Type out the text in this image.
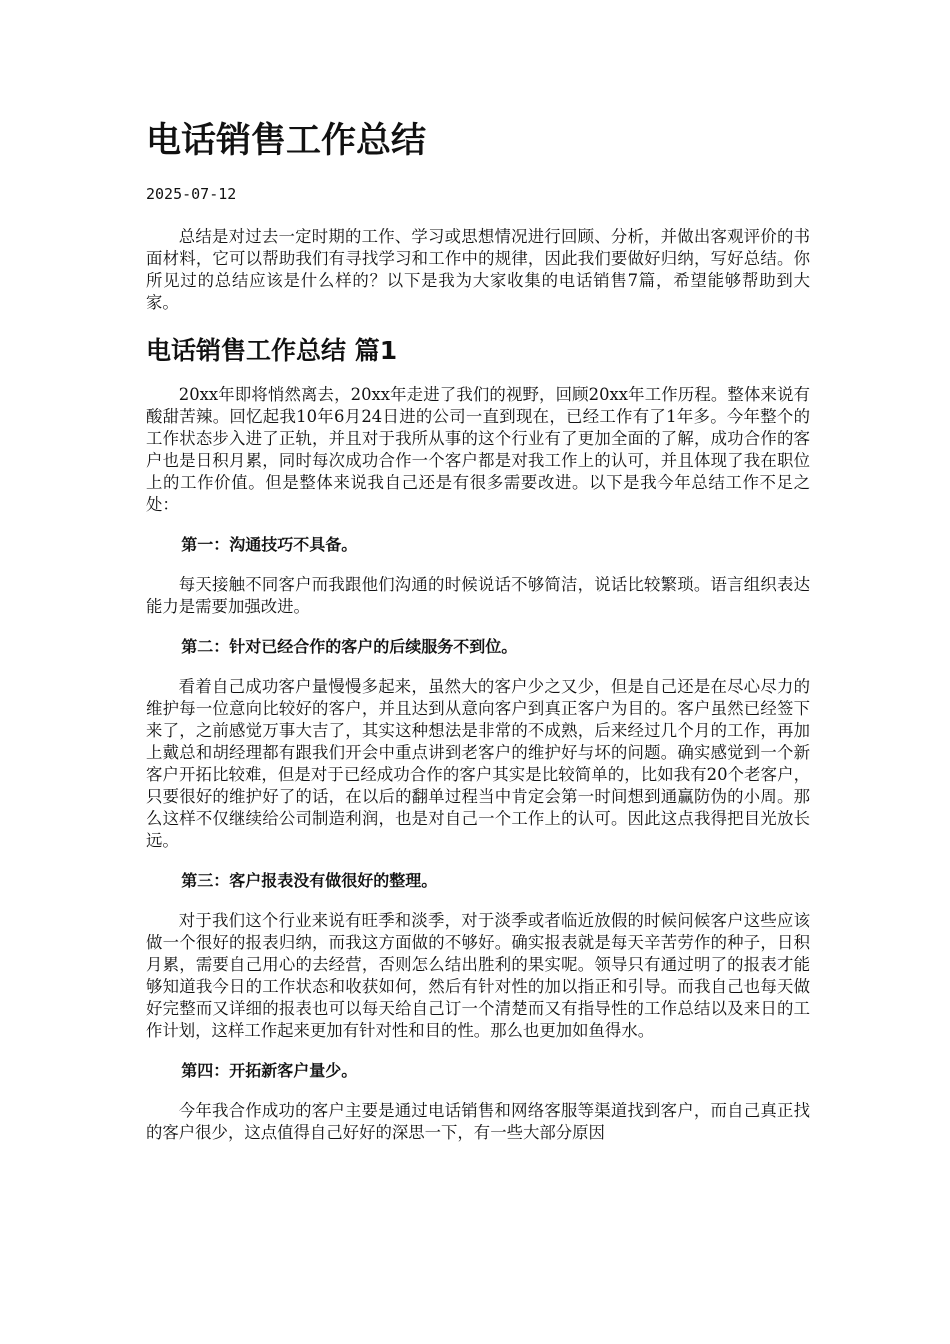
电话销售工作总结
2025-07-12

总结是对过去一定时期的工作、学习或思想情况进行回顾、分析，并做出客观评价的书面材料，它可以帮助我们有寻找学习和工作中的规律，因此我们要做好归纳，写好总结。你所见过的总结应该是什么样的？以下是我为大家收集的电话销售7篇，希望能够帮助到大家。

电话销售工作总结 篇1

20xx年即将悄然离去，20xx年走进了我们的视野，回顾20xx年工作历程。整体来说有酸甜苦辣。回忆起我10年6月24日进的公司一直到现在，已经工作有了1年多。今年整个的工作状态步入进了正轨，并且对于我所从事的这个行业有了更加全面的了解，成功合作的客户也是日积月累，同时每次成功合作一个客户都是对我工作上的认可，并且体现了我在职位上的工作价值。但是整体来说我自己还是有很多需要改进。以下是我今年总结工作不足之处：

第一：沟通技巧不具备。

每天接触不同客户而我跟他们沟通的时候说话不够简洁，说话比较繁琐。语言组织表达能力是需要加强改进。

第二：针对已经合作的客户的后续服务不到位。

看着自己成功客户量慢慢多起来，虽然大的客户少之又少，但是自己还是在尽心尽力的维护每一位意向比较好的客户，并且达到从意向客户到真正客户为目的。客户虽然已经签下来了，之前感觉万事大吉了，其实这种想法是非常的不成熟，后来经过几个月的工作，再加上戴总和胡经理都有跟我们开会中重点讲到老客户的维护好与坏的问题。确实感觉到一个新客户开拓比较难，但是对于已经成功合作的客户其实是比较简单的，比如我有20个老客户，只要很好的维护好了的话，在以后的翻单过程当中肯定会第一时间想到通赢防伪的小周。那么这样不仅继续给公司制造利润，也是对自己一个工作上的认可。因此这点我得把目光放长远。

第三：客户报表没有做很好的整理。

对于我们这个行业来说有旺季和淡季，对于淡季或者临近放假的时候问候客户这些应该做一个很好的报表归纳，而我这方面做的不够好。确实报表就是每天辛苦劳作的种子，日积月累，需要自己用心的去经营，否则怎么结出胜利的果实呢。领导只有通过明了的报表才能够知道我今日的工作状态和收获如何，然后有针对性的加以指正和引导。而我自己也每天做好完整而又详细的报表也可以每天给自己订一个清楚而又有指导性的工作总结以及来日的工作计划，这样工作起来更加有针对性和目的性。那么也更加如鱼得水。

第四：开拓新客户量少。

今年我合作成功的客户主要是通过电话销售和网络客服等渠道找到客户，而自己真正找的客户很少，这点值得自己好好的深思一下，有一些大部分原因
